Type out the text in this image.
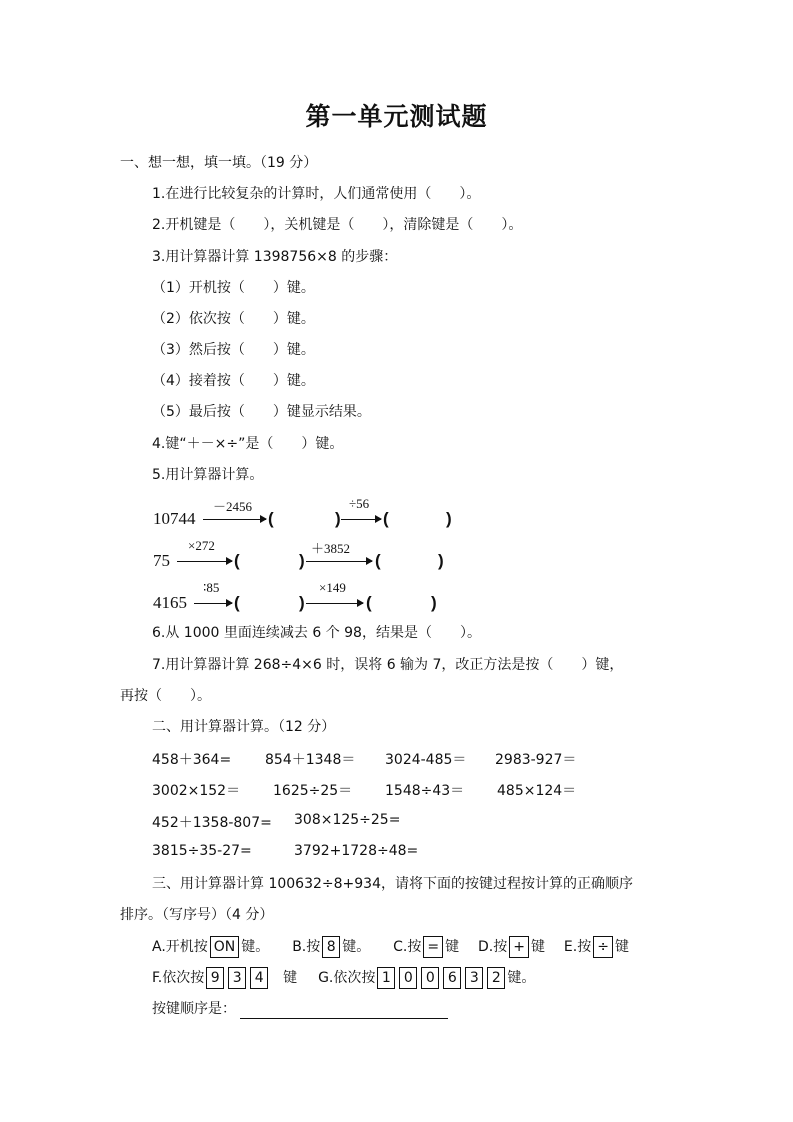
第一单元测试题
一、想一想，填一填。（19 分）
1.在进行比较复杂的计算时，人们通常使用（　　）。
2.开机键是（　　），关机键是（　　），清除键是（　　）。
3.用计算器计算 1398756×8 的步骤：
（1）开机按（　　）键。
（2）依次按（　　）键。
（3）然后按（　　）键。
（4）接着按（　　）键。
（5）最后按（　　）键显示结果。
4.键“＋－×÷”是（　　）键。
5.用计算器计算。
10744
－2456
(	)
÷56
(	)
75
×272
(	)
＋3852
(	)
4165
∶85
(	)
×149
(	)
6.从 1000 里面连续减去 6 个 98，结果是（　　）。
7.用计算器计算 268÷4×6 时，误将 6 输为 7，改正方法是按（　　）键，
再按（　　）。
二、用计算器计算。（12 分）
458＋364= 854＋1348＝ 3024-485＝ 2983-927＝
3002×152＝ 1625÷25＝ 1548÷43＝ 485×124＝
452＋1358-807= 308×125÷25=
3815÷35-27=	3792+1728÷48=
三、用计算器计算 100632÷8+934，请将下面的按键过程按计算的正确顺序
排序。（写序号）（4 分）
A.开机按 ON 键。 B.按 8 键。 C.按 = 键 D.按 + 键 E.按 ÷ 键
F.依次按 9 3 4 键 G.依次按 1 0 0 6 3 2 键。
按键顺序是：
